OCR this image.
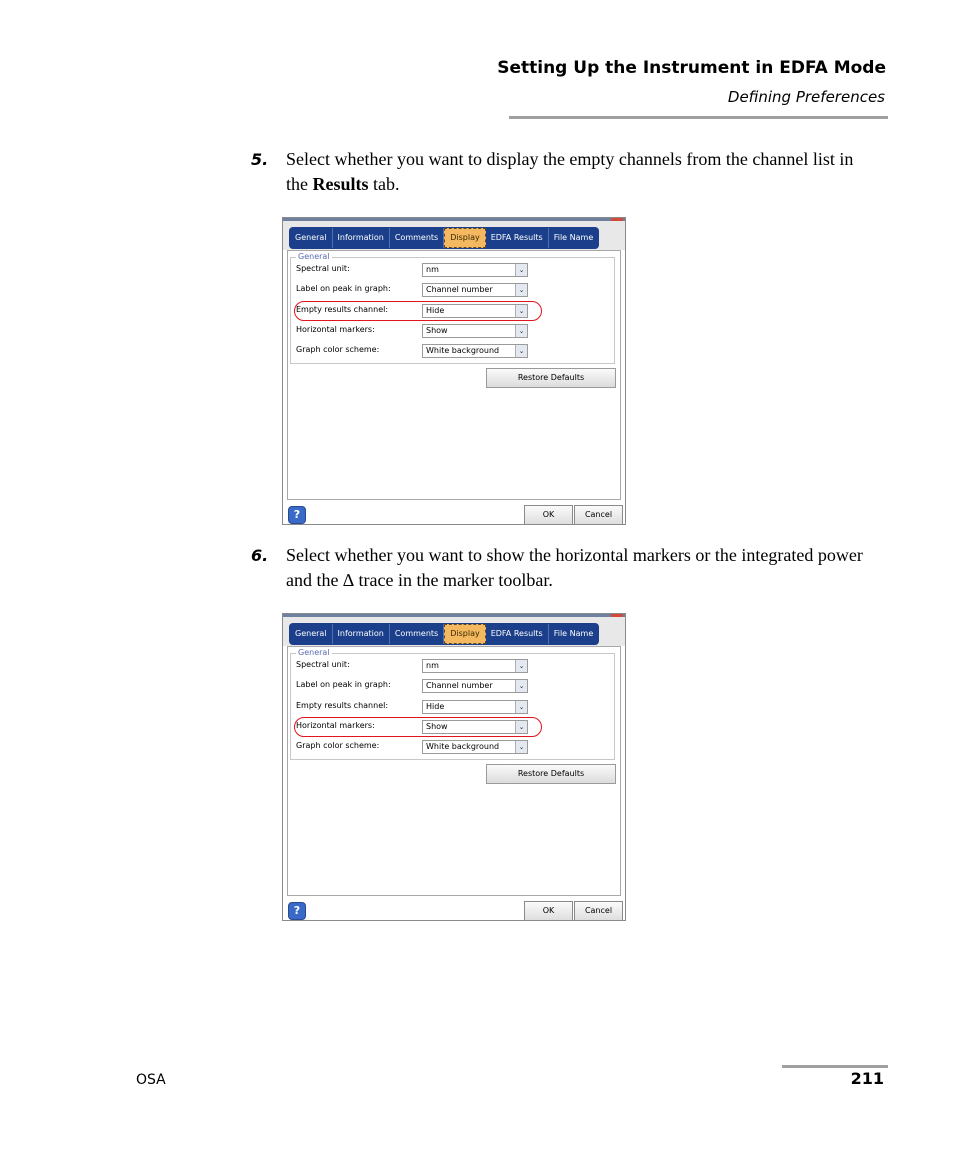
Setting Up the Instrument in EDFA Mode
Defining Preferences
5. Select whether you want to display the empty channels from the channel list in the Results tab.
General	Information	Comments	Display	EDFA Results	File Name
General
Spectral unit:	nm	⌄
Label on peak in graph:	Channel number	⌄
Empty results channel:	Hide	⌄
Horizontal markers:	Show	⌄
Graph color scheme:	White background	⌄
Restore Defaults
?	OK	Cancel
6. Select whether you want to show the horizontal markers or the integrated power and the ∆ trace in the marker toolbar.
General	Information	Comments	Display	EDFA Results	File Name
General
Spectral unit:	nm	⌄
Label on peak in graph:	Channel number	⌄
Empty results channel:	Hide	⌄
Horizontal markers:	Show	⌄
Graph color scheme:	White background	⌄
Restore Defaults
?	OK	Cancel
OSA	211
